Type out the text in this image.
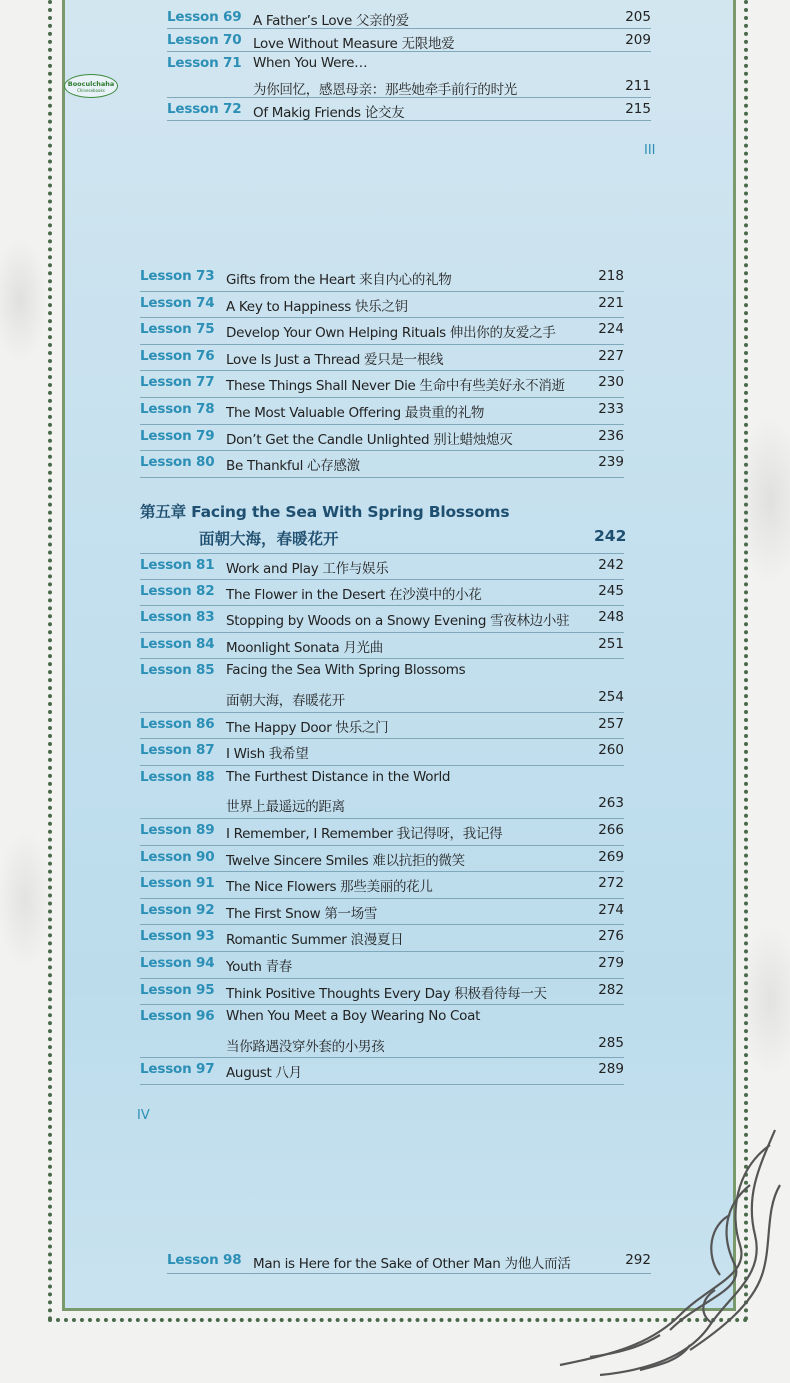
Lesson 69 A Father’s Love 父亲的爱	205
Lesson 70 Love Without Measure 无限地爱	209
Lesson 71 When You Were…
为你回忆，感恩母亲：那些她牵手前行的时光	211
Lesson 72 Of Makig Friends 论交友	215
III
Booculchaha
Chinesebooks
Lesson 73 Gifts from the Heart 来自内心的礼物	218
Lesson 74 A Key to Happiness 快乐之钥	221
Lesson 75 Develop Your Own Helping Rituals 伸出你的友爱之手	224
Lesson 76 Love Is Just a Thread 爱只是一根线	227
Lesson 77 These Things Shall Never Die 生命中有些美好永不消逝 230
Lesson 78 The Most Valuable Offering 最贵重的礼物	233
Lesson 79 Don’t Get the Candle Unlighted 别让蜡烛熄灭	236
Lesson 80 Be Thankful 心存感激	239
第五章 Facing the Sea With Spring Blossoms
面朝大海，春暖花开	242
Lesson 81 Work and Play 工作与娱乐	242
Lesson 82 The Flower in the Desert 在沙漠中的小花	245
Lesson 83 Stopping by Woods on a Snowy Evening 雪夜林边小驻 248
Lesson 84 Moonlight Sonata 月光曲	251
Lesson 85 Facing the Sea With Spring Blossoms
面朝大海，春暖花开	254
Lesson 86 The Happy Door 快乐之门	257
Lesson 87 I Wish 我希望	260
Lesson 88 The Furthest Distance in the World
世界上最遥远的距离	263
Lesson 89 I Remember, I Remember 我记得呀，我记得	266
Lesson 90 Twelve Sincere Smiles 难以抗拒的微笑	269
Lesson 91 The Nice Flowers 那些美丽的花儿	272
Lesson 92 The First Snow 第一场雪	274
Lesson 93 Romantic Summer 浪漫夏日	276
Lesson 94 Youth 青春	279
Lesson 95 Think Positive Thoughts Every Day 积极看待每一天	282
Lesson 96 When You Meet a Boy Wearing No Coat
当你路遇没穿外套的小男孩	285
Lesson 97 August 八月	289
IV
Lesson 98 Man is Here for the Sake of Other Man 为他人而活	292
